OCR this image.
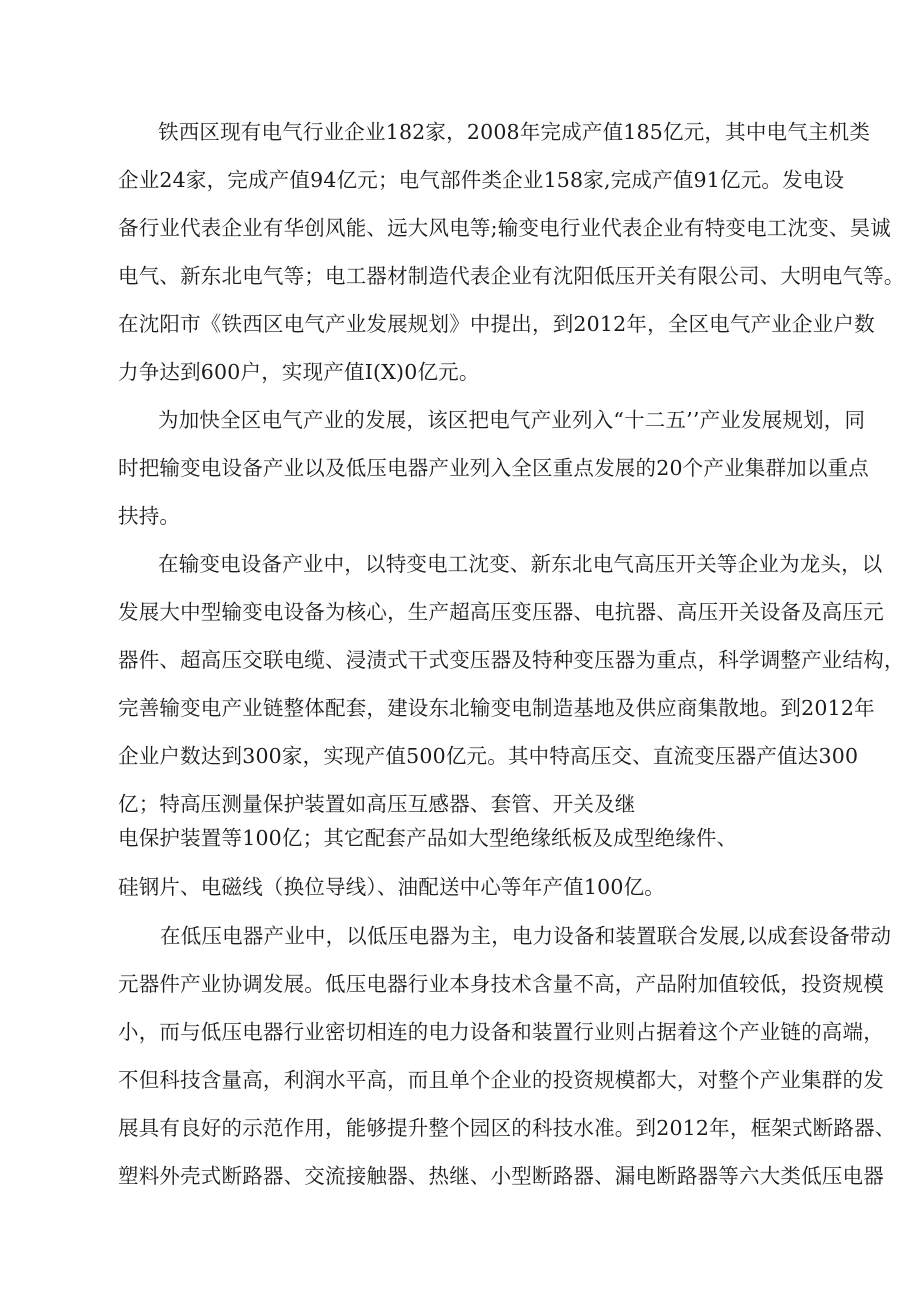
铁西区现有电气行业企业182家，2008年完成产值185亿元，其中电气主机类
企业24家，完成产值94亿元；电气部件类企业158家,完成产值91亿元。发电设
备行业代表企业有华创风能、远大风电等;输变电行业代表企业有特变电工沈变、昊诚
电气、新东北电气等；电工器材制造代表企业有沈阳低压开关有限公司、大明电气等。
在沈阳市《铁西区电气产业发展规划》中提出，到2012年，全区电气产业企业户数
力争达到600户，实现产值Ⅰ(X)0亿元。
为加快全区电气产业的发展，该区把电气产业列入“十二五’’产业发展规划，同
时把输变电设备产业以及低压电器产业列入全区重点发展的20个产业集群加以重点
扶持。
在输变电设备产业中，以特变电工沈变、新东北电气高压开关等企业为龙头，以
发展大中型输变电设备为核心，生产超高压变压器、电抗器、高压开关设备及高压元
器件、超高压交联电缆、浸渍式干式变压器及特种变压器为重点，科学调整产业结构，
完善输变电产业链整体配套，建设东北输变电制造基地及供应商集散地。到2012年
企业户数达到300家，实现产值500亿元。其中特高压交、直流变压器产值达300
亿；特高压测量保护装置如高压互感器、套管、开关及继
电保护装置等100亿；其它配套产品如大型绝缘纸板及成型绝缘件、
硅钢片、电磁线（换位导线）、油配送中心等年产值100亿。
在低压电器产业中，以低压电器为主，电力设备和装置联合发展,以成套设备带动
元器件产业协调发展。低压电器行业本身技术含量不高，产品附加值较低，投资规模
小，而与低压电器行业密切相连的电力设备和装置行业则占据着这个产业链的高端，
不但科技含量高，利润水平高，而且单个企业的投资规模都大，对整个产业集群的发
展具有良好的示范作用，能够提升整个园区的科技水准。到2012年，框架式断路器、
塑料外壳式断路器、交流接触器、热继、小型断路器、漏电断路器等六大类低压电器
